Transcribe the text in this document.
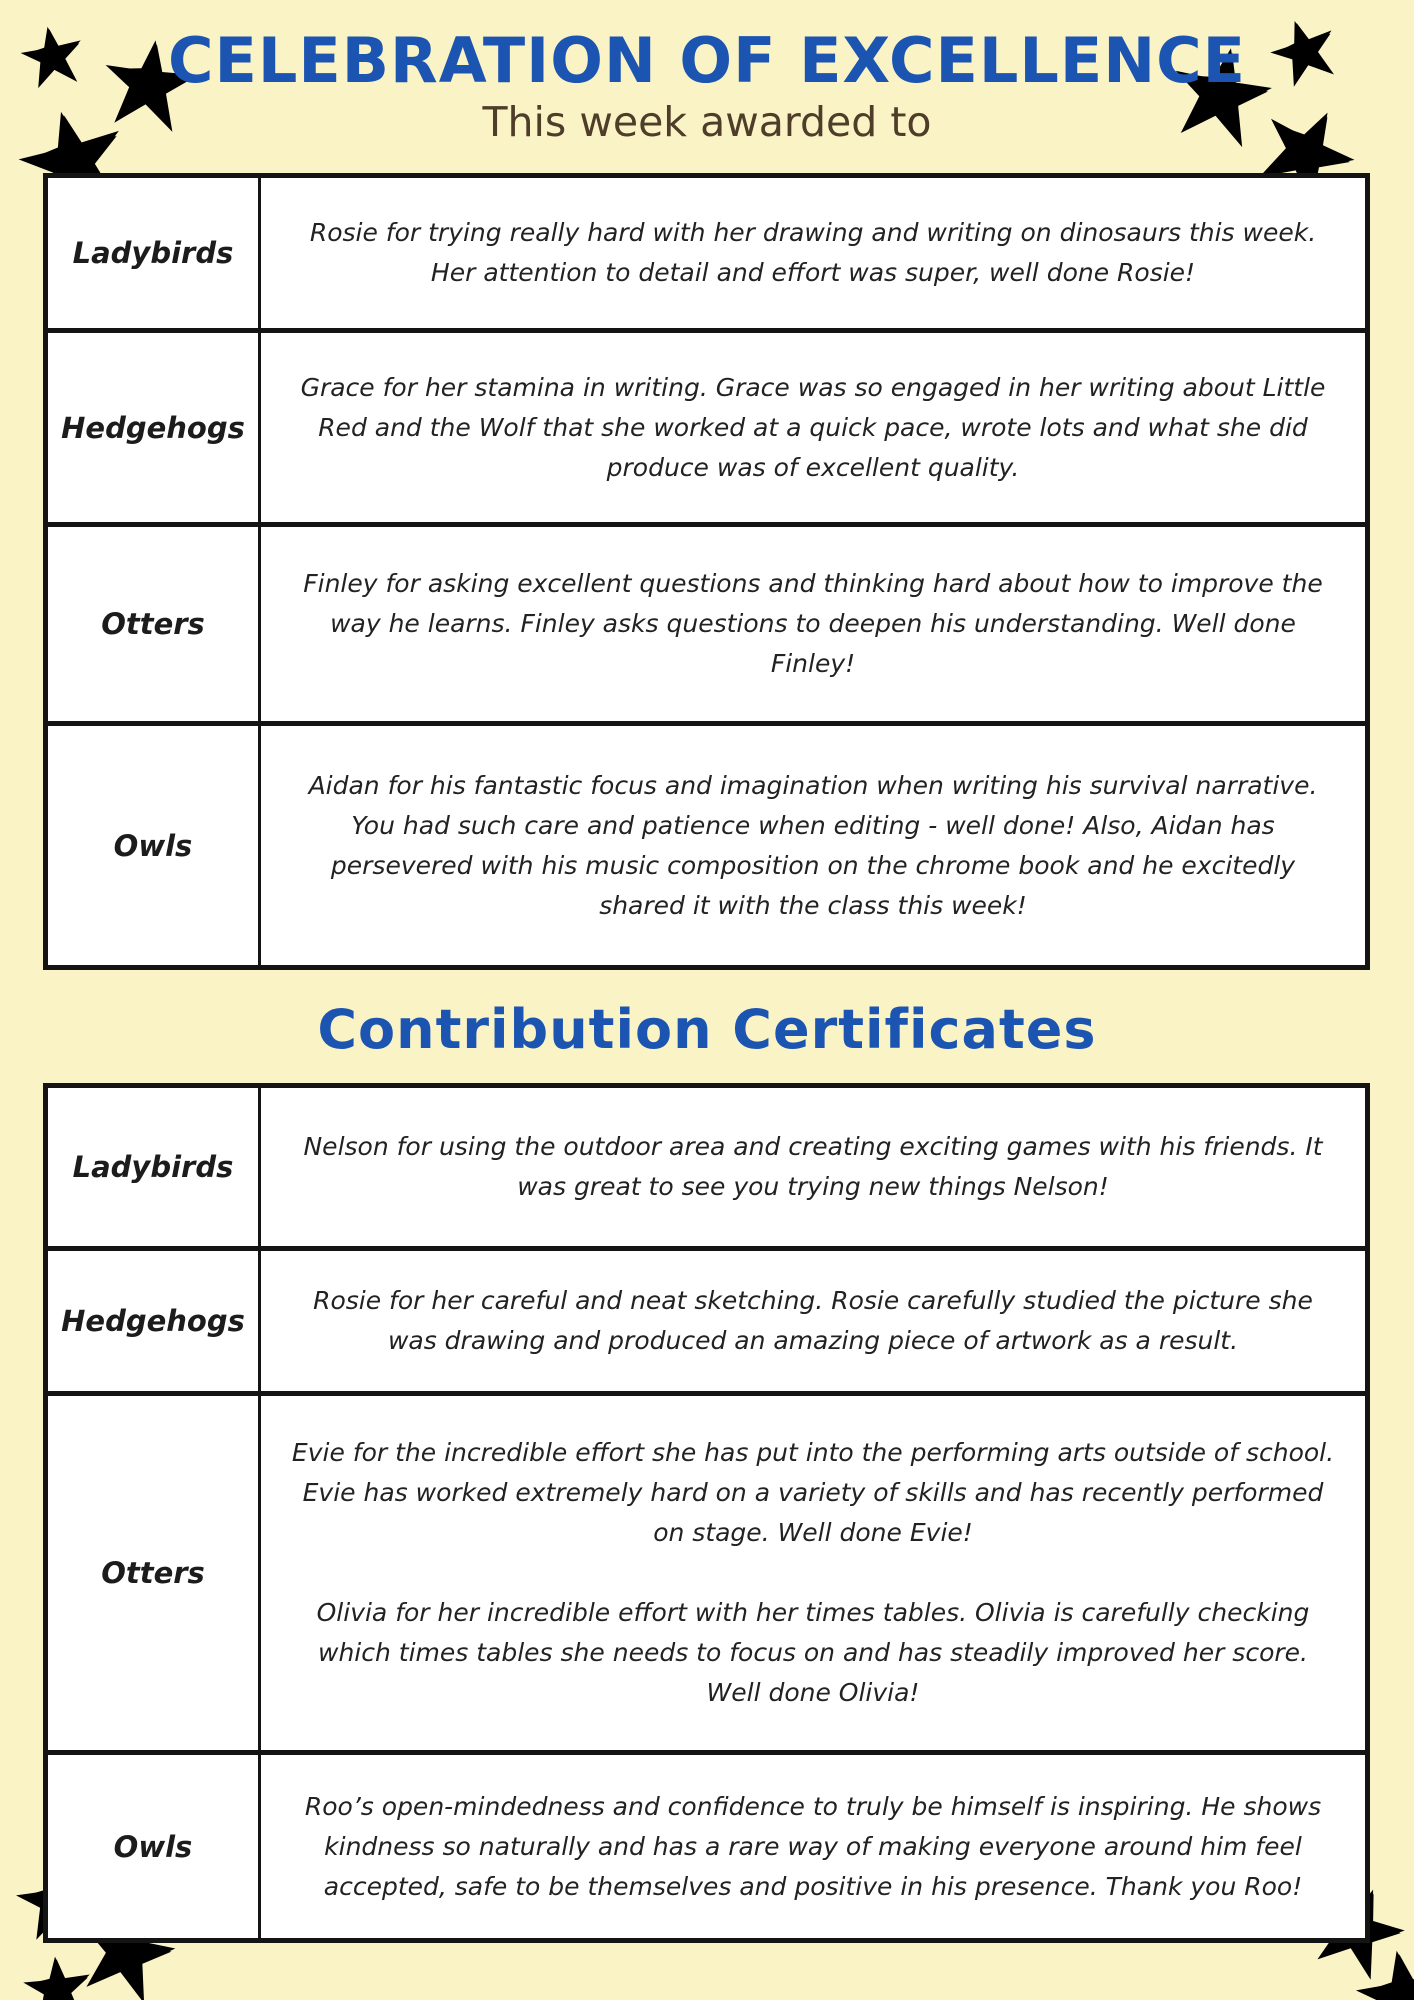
CELEBRATION OF EXCELLENCE
This week awarded to
Ladybirds

Rosie for trying really hard with her drawing and writing on dinosaurs this week. Her attention to detail and effort was super, well done Rosie!

Hedgehogs

Grace for her stamina in writing. Grace was so engaged in her writing about Little Red and the Wolf that she worked at a quick pace, wrote lots and what she did produce was of excellent quality.

Otters

Finley for asking excellent questions and thinking hard about how to improve the way he learns. Finley asks questions to deepen his understanding. Well done Finley!

Owls

Aidan for his fantastic focus and imagination when writing his survival narrative. You had such care and patience when editing - well done! Also, Aidan has persevered with his music composition on the chrome book and he excitedly shared it with the class this week!

Contribution Certificates
Ladybirds

Nelson for using the outdoor area and creating exciting games with his friends. It was great to see you trying new things Nelson!

Hedgehogs

Rosie for her careful and neat sketching. Rosie carefully studied the picture she was drawing and produced an amazing piece of artwork as a result.

Otters

Evie for the incredible effort she has put into the performing arts outside of school. Evie has worked extremely hard on a variety of skills and has recently performed on stage. Well done Evie!

Olivia for her incredible effort with her times tables. Olivia is carefully checking which times tables she needs to focus on and has steadily improved her score. Well done Olivia!

Owls

Roo’s open-mindedness and confidence to truly be himself is inspiring. He shows kindness so naturally and has a rare way of making everyone around him feel accepted, safe to be themselves and positive in his presence. Thank you Roo!
